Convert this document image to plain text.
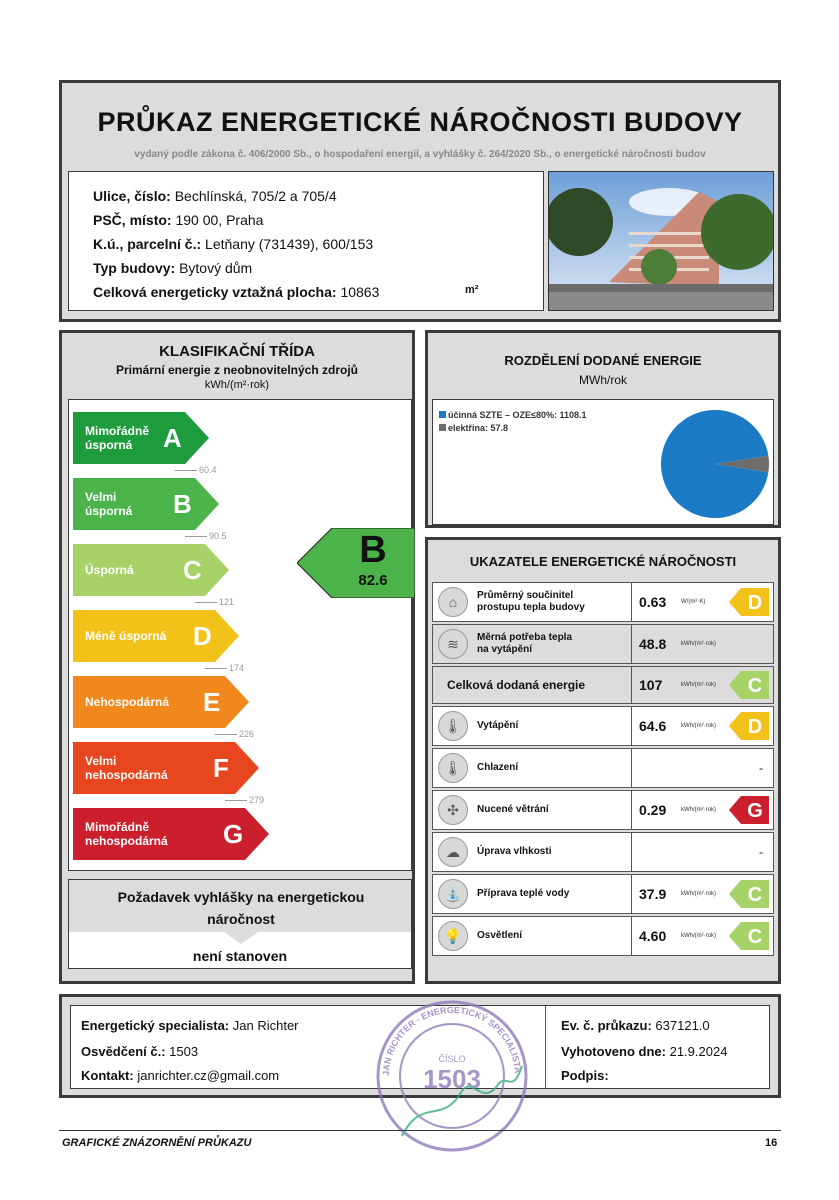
PRŮKAZ ENERGETICKÉ NÁROČNOSTI BUDOVY
vydaný podle zákona č. 406/2000 Sb., o hospodaření energií, a vyhlášky č. 264/2020 Sb., o energetické náročnosti budov
Ulice, číslo: Bechlínská, 705/2 a 705/4
PSČ, místo: 190 00, Praha
K.ú., parcelní č.: Letňany (731439), 600/153
Typ budovy: Bytový dům
Celková energeticky vztažná plocha: 10863	m²
KLASIFIKAČNÍ TŘÍDA
Primární energie z neobnovitelných zdrojů
kWh/(m²·rok)
Mimořádně
úsporná	A
60.4
Velmi
úsporná B
90.5
Úsporná C
121
Méně úsporná D
174
Nehospodárná E
226
Velmi
nehospodárná F
279
Mimořádně
nehospodárná G
B
82.6
Požadavek vyhlášky na energetickou náročnost
není stanoven
ROZDĚLENÍ DODANÉ ENERGIE
MWh/rok
účinná SZTE – OZE≤80%: 1108.1
elektřina: 57.8
UKAZATELE ENERGETICKÉ NÁROČNOSTI
⌂	Průměrný součinitel
prostupu tepla budovy	0.63 W/(m²·K) D
≋	Měrná potřeba tepla
na vytápění	48.8 kWh/(m²·rok)
Celková dodaná energie	107	kWh/(m²·rok) C
🌡	Vytápění	64.6 kWh/(m²·rok) D
🌡	Chlazení	-
✣	Nucené větrání	0.29 kWh/(m²·rok) G
☁	Úprava vlhkosti	-
⛲	Příprava teplé vody	37.9 kWh/(m²·rok) C
💡	Osvětlení	4.60 kWh/(m²·rok) C
Energetický specialista: Jan Richter
Osvědčení č.: 1503
Kontakt: janrichter.cz@gmail.com
Ev. č. průkazu: 637121.0
Vyhotoveno dne: 21.9.2024
Podpis:
JAN RICHTER - ENERGETICKÝ SPECIALISTA
ČÍSLO
1503
GRAFICKÉ ZNÁZORNĚNÍ PRŮKAZU	16
